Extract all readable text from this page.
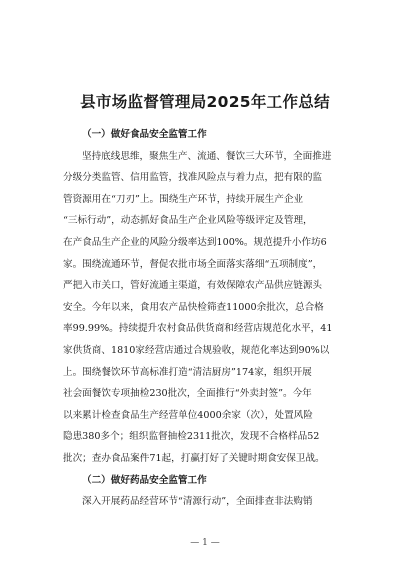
县市场监督管理局2025年工作总结
（一）做好食品安全监管工作
坚持底线思维，聚焦生产、流通、餐饮三大环节，全面推进
分级分类监管、信用监管，找准风险点与着力点，把有限的监
管资源用在“刀刃”上。围绕生产环节，持续开展生产企业
“三标行动”，动态抓好食品生产企业风险等级评定及管理，
在产食品生产企业的风险分级率达到100%。规范提升小作坊6
家。围绕流通环节，督促农批市场全面落实落细“五项制度”，
严把入市关口，管好流通主渠道，有效保障农产品供应链源头
安全。今年以来，食用农产品快检筛查11000余批次，总合格
率99.99%。持续提升农村食品供货商和经营店规范化水平，41
家供货商、1810家经营店通过合规验收，规范化率达到90%以
上。围绕餐饮环节高标准打造“清洁厨房”174家，组织开展
社会面餐饮专项抽检230批次，全面推行“外卖封签”。今年
以来累计检查食品生产经营单位4000余家（次），处置风险
隐患380多个；组织监督抽检2311批次，发现不合格样品52
批次；查办食品案件71起，打赢打好了关键时期食安保卫战。
（二）做好药品安全监管工作
深入开展药品经营环节“清源行动”，全面排查非法购销
— 1 —
